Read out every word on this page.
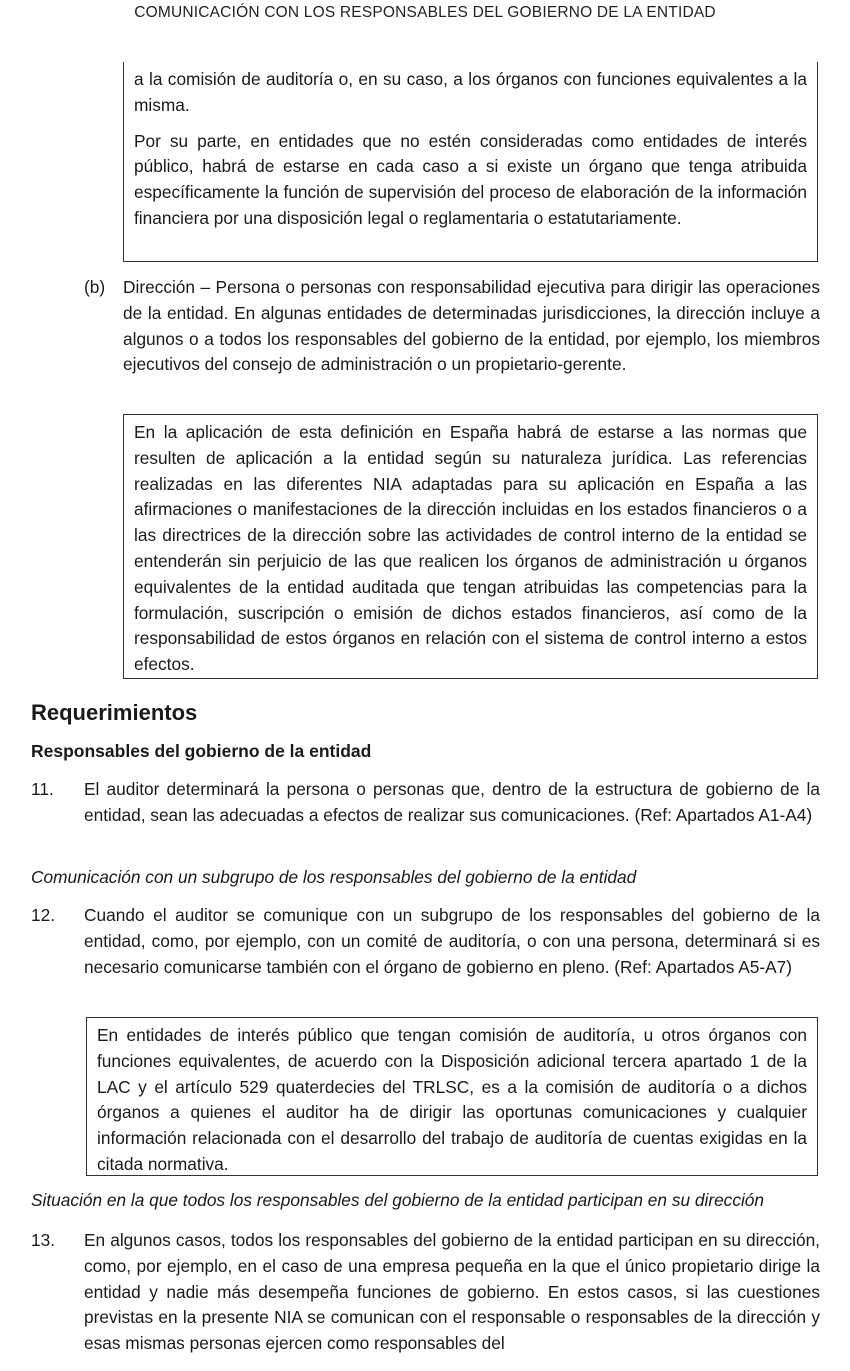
COMUNICACIÓN CON LOS RESPONSABLES DEL GOBIERNO DE LA ENTIDAD

a la comisión de auditoría o, en su caso, a los órganos con funciones equivalentes a la misma.

Por su parte, en entidades que no estén consideradas como entidades de interés público, habrá de estarse en cada caso a si existe un órgano que tenga atribuida específicamente la función de supervisión del proceso de elaboración de la información financiera por una disposición legal o reglamentaria o estatutariamente.

(b) Dirección – Persona o personas con responsabilidad ejecutiva para dirigir las operaciones de la entidad. En algunas entidades de determinadas jurisdicciones, la dirección incluye a algunos o a todos los responsables del gobierno de la entidad, por ejemplo, los miembros ejecutivos del consejo de administración o un propietario-gerente.

En la aplicación de esta definición en España habrá de estarse a las normas que resulten de aplicación a la entidad según su naturaleza jurídica. Las referencias realizadas en las diferentes NIA adaptadas para su aplicación en España a las afirmaciones o manifestaciones de la dirección incluidas en los estados financieros o a las directrices de la dirección sobre las actividades de control interno de la entidad se entenderán sin perjuicio de las que realicen los órganos de administración u órganos equivalentes de la entidad auditada que tengan atribuidas las competencias para la formulación, suscripción o emisión de dichos estados financieros, así como de la responsabilidad de estos órganos en relación con el sistema de control interno a estos efectos.

Requerimientos
Responsables del gobierno de la entidad
11. El auditor determinará la persona o personas que, dentro de la estructura de gobierno de la entidad, sean las adecuadas a efectos de realizar sus comunicaciones. (Ref: Apartados A1-A4)

Comunicación con un subgrupo de los responsables del gobierno de la entidad

12. Cuando el auditor se comunique con un subgrupo de los responsables del gobierno de la entidad, como, por ejemplo, con un comité de auditoría, o con una persona, determinará si es necesario comunicarse también con el órgano de gobierno en pleno. (Ref: Apartados A5-A7)

En entidades de interés público que tengan comisión de auditoría, u otros órganos con funciones equivalentes, de acuerdo con la Disposición adicional tercera apartado 1 de la LAC y el artículo 529 quaterdecies del TRLSC, es a la comisión de auditoría o a dichos órganos a quienes el auditor ha de dirigir las oportunas comunicaciones y cualquier información relacionada con el desarrollo del trabajo de auditoría de cuentas exigidas en la citada normativa.

Situación en la que todos los responsables del gobierno de la entidad participan en su dirección

13. En algunos casos, todos los responsables del gobierno de la entidad participan en su dirección, como, por ejemplo, en el caso de una empresa pequeña en la que el único propietario dirige la entidad y nadie más desempeña funciones de gobierno. En estos casos, si las cuestiones previstas en la presente NIA se comunican con el responsable o responsables de la dirección y esas mismas personas ejercen como responsables del
